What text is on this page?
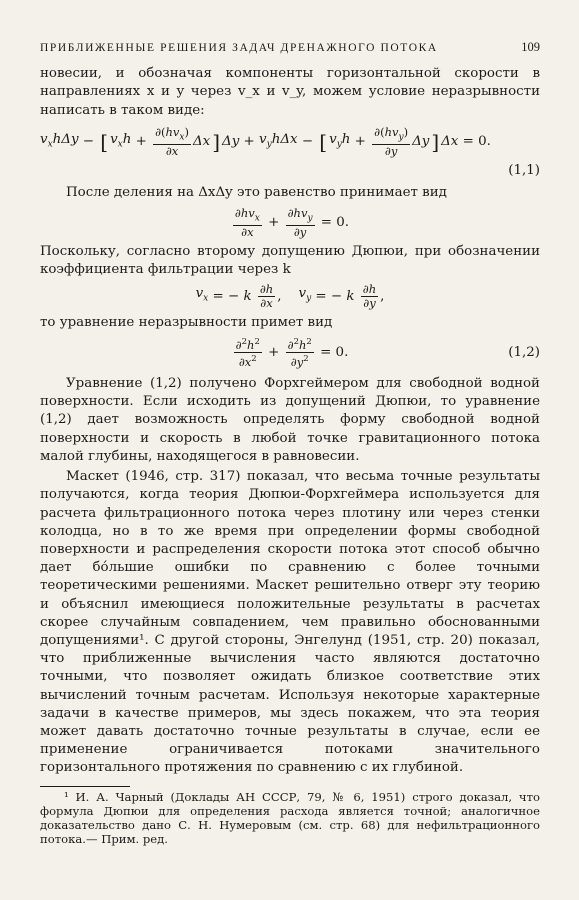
ПРИБЛИЖЕННЫЕ РЕШЕНИЯ ЗАДАЧ ДРЕНАЖНОГО ПОТОКА	109

новесии, и обозначая компоненты горизонтальной скорости в направлениях x и y через v_x и v_y, можем условие неразрывности написать в таком виде:

$v_xh\Delta y$ − [ $v_xh + \frac{\partial(hv_x)}{\partial x}$ Δx ] $\Delta y + v_yh\Delta x$ − [ $v_yh + \frac{\partial(hv_y)}{\partial y}$ Δy ] Δx = 0.
(1,1)

После деления на ΔxΔy это равенство принимает вид

$\frac{\partial hv_x}{\partial x} + \frac{\partial hv_y}{\partial y} = 0$.

Поскольку, согласно второму допущению Дюпюи, при обозначении коэффициента фильтрации через k

$v_x$ = − k
$\frac{\partial h}{\partial x}$ , $v_y$ = − k
$\frac{\partial h}{\partial y}$ ,

то уравнение неразрывности примет вид

$\frac{\partial^2h^2}{\partial x^2} + \frac{\partial^2h^2}{\partial y^2} = 0$.	(1,2)

Уравнение (1,2) получено Форхгеймером для свободной водной поверхности. Если исходить из допущений Дюпюи, то уравнение (1,2) дает возможность определять форму свободной водной поверхности и скорость в любой точке гравитационного потока малой глубины, находящегося в равновесии.

Маскет (1946, стр. 317) показал, что весьма точные результаты получаются, когда теория Дюпюи-Форхгеймера используется для расчета фильтрационного потока через плотину или через стенки колодца, но в то же время при определении формы свободной поверхности и распределения скорости потока этот способ обычно дает бо́льшие ошибки по сравнению с более точными теоретическими решениями. Маскет решительно отверг эту теорию и объяснил имеющиеся положительные результаты в расчетах скорее случайным совпадением, чем правильно обоснованными допущениями¹. С другой стороны, Энгелунд (1951, стр. 20) показал, что приближенные вычисления часто являются достаточно точными, что позволяет ожидать близкое соответствие этих вычислений точным расчетам. Используя некоторые характерные задачи в качестве примеров, мы здесь покажем, что эта теория может давать достаточно точные результаты в случае, если ее применение ограничивается потоками значительного горизонтального протяжения по сравнению с их глубиной.

¹ И. А. Чарный (Доклады АН СССР, 79, № 6, 1951) строго доказал, что формула Дюпюи для определения расхода является точной; аналогичное доказательство дано С. Н. Нумеровым (см. стр. 68) для нефильтрационного потока.— Прим. ред.
